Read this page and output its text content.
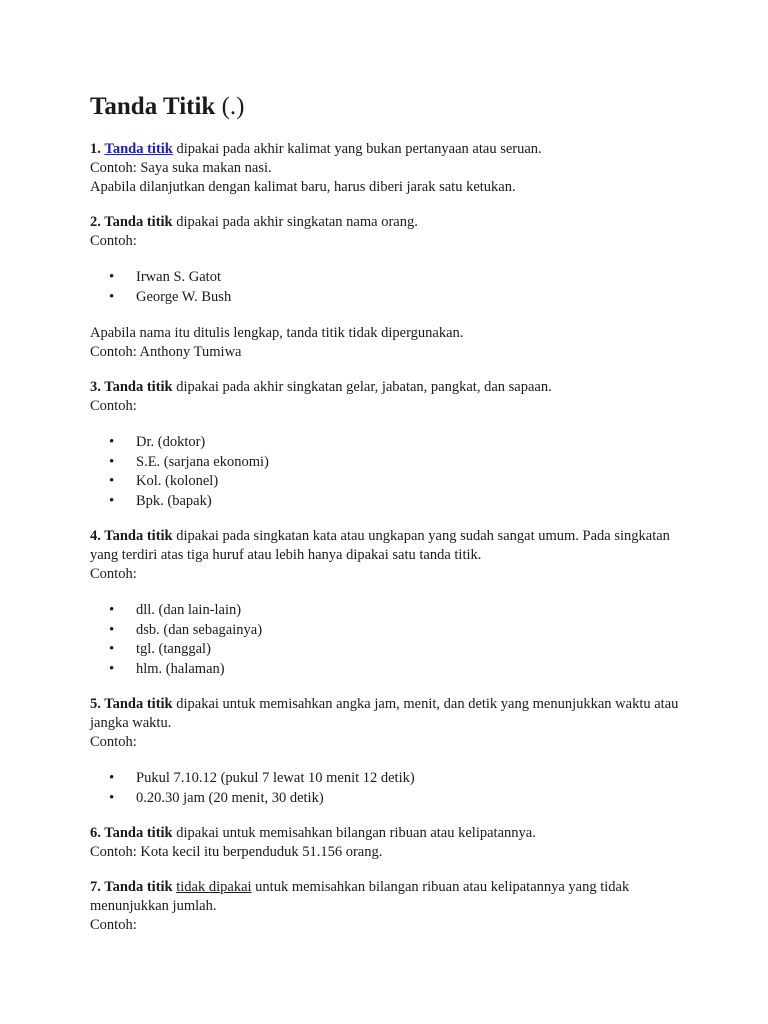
Tanda Titik (.)

1. Tanda titik dipakai pada akhir kalimat yang bukan pertanyaan atau seruan.

Contoh: Saya suka makan nasi.

Apabila dilanjutkan dengan kalimat baru, harus diberi jarak satu ketukan.

2. Tanda titik dipakai pada akhir singkatan nama orang.

Contoh:

• Irwan S. Gatot
• George W. Bush

Apabila nama itu ditulis lengkap, tanda titik tidak dipergunakan.

Contoh: Anthony Tumiwa

3. Tanda titik dipakai pada akhir singkatan gelar, jabatan, pangkat, dan sapaan.

Contoh:

• Dr. (doktor)
• S.E. (sarjana ekonomi)
• Kol. (kolonel)
• Bpk. (bapak)

4. Tanda titik dipakai pada singkatan kata atau ungkapan yang sudah sangat umum. Pada singkatan yang terdiri atas tiga huruf atau lebih hanya dipakai satu tanda titik.

Contoh:

• dll. (dan lain-lain)
• dsb. (dan sebagainya)
• tgl. (tanggal)
• hlm. (halaman)

5. Tanda titik dipakai untuk memisahkan angka jam, menit, dan detik yang menunjukkan waktu atau jangka waktu.

Contoh:

• Pukul 7.10.12 (pukul 7 lewat 10 menit 12 detik)
• 0.20.30 jam (20 menit, 30 detik)

6. Tanda titik dipakai untuk memisahkan bilangan ribuan atau kelipatannya.

Contoh: Kota kecil itu berpenduduk 51.156 orang.

7. Tanda titik tidak dipakai untuk memisahkan bilangan ribuan atau kelipatannya yang tidak menunjukkan jumlah.

Contoh:
